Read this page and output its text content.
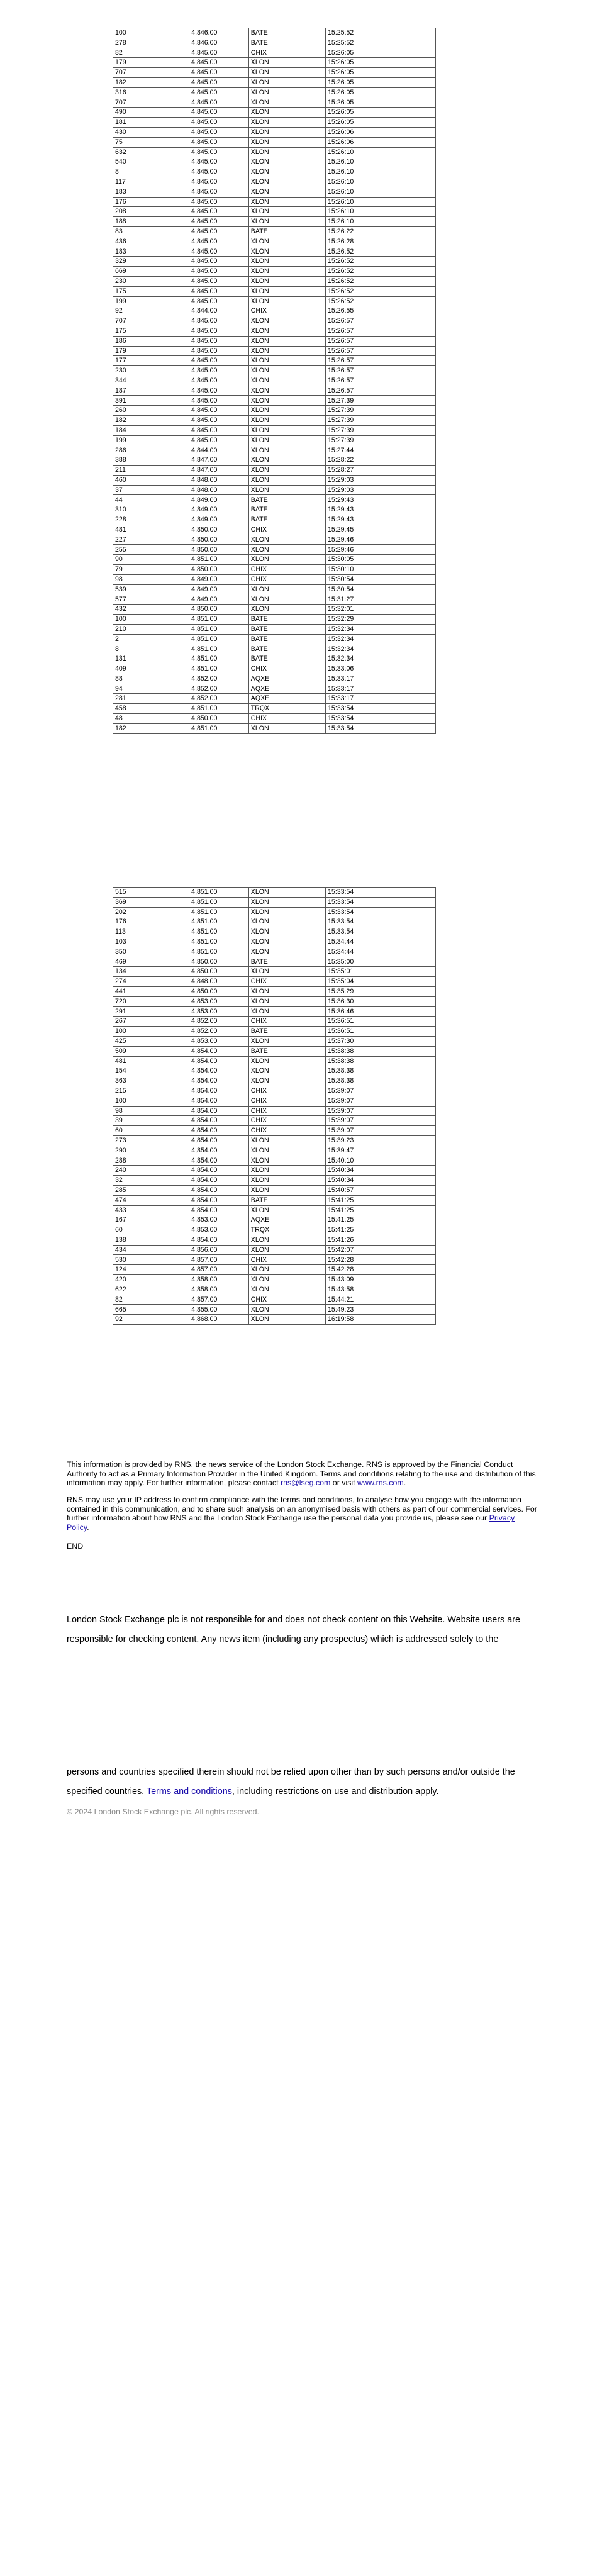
100	4,846.00	BATE	15:25:52
278	4,846.00	BATE	15:25:52
82	4,845.00	CHIX	15:26:05
179	4,845.00	XLON	15:26:05
707	4,845.00	XLON	15:26:05
182	4,845.00	XLON	15:26:05
316	4,845.00	XLON	15:26:05
707	4,845.00	XLON	15:26:05
490	4,845.00	XLON	15:26:05
181	4,845.00	XLON	15:26:05
430	4,845.00	XLON	15:26:06
75	4,845.00	XLON	15:26:06
632	4,845.00	XLON	15:26:10
540	4,845.00	XLON	15:26:10
8	4,845.00	XLON	15:26:10
117	4,845.00	XLON	15:26:10
183	4,845.00	XLON	15:26:10
176	4,845.00	XLON	15:26:10
208	4,845.00	XLON	15:26:10
188	4,845.00	XLON	15:26:10
83	4,845.00	BATE	15:26:22
436	4,845.00	XLON	15:26:28
183	4,845.00	XLON	15:26:52
329	4,845.00	XLON	15:26:52
669	4,845.00	XLON	15:26:52
230	4,845.00	XLON	15:26:52
175	4,845.00	XLON	15:26:52
199	4,845.00	XLON	15:26:52
92	4,844.00	CHIX	15:26:55
707	4,845.00	XLON	15:26:57
175	4,845.00	XLON	15:26:57
186	4,845.00	XLON	15:26:57
179	4,845.00	XLON	15:26:57
177	4,845.00	XLON	15:26:57
230	4,845.00	XLON	15:26:57
344	4,845.00	XLON	15:26:57
187	4,845.00	XLON	15:26:57
391	4,845.00	XLON	15:27:39
260	4,845.00	XLON	15:27:39
182	4,845.00	XLON	15:27:39
184	4,845.00	XLON	15:27:39
199	4,845.00	XLON	15:27:39
286	4,844.00	XLON	15:27:44
388	4,847.00	XLON	15:28:22
211	4,847.00	XLON	15:28:27
460	4,848.00	XLON	15:29:03
37	4,848.00	XLON	15:29:03
44	4,849.00	BATE	15:29:43
310	4,849.00	BATE	15:29:43
228	4,849.00	BATE	15:29:43
481	4,850.00	CHIX	15:29:45
227	4,850.00	XLON	15:29:46
255	4,850.00	XLON	15:29:46
90	4,851.00	XLON	15:30:05
79	4,850.00	CHIX	15:30:10
98	4,849.00	CHIX	15:30:54
539	4,849.00	XLON	15:30:54
577	4,849.00	XLON	15:31:27
432	4,850.00	XLON	15:32:01
100	4,851.00	BATE	15:32:29
210	4,851.00	BATE	15:32:34
2	4,851.00	BATE	15:32:34
8	4,851.00	BATE	15:32:34
131	4,851.00	BATE	15:32:34
409	4,851.00	CHIX	15:33:06
88	4,852.00	AQXE	15:33:17
94	4,852.00	AQXE	15:33:17
281	4,852.00	AQXE	15:33:17
458	4,851.00	TRQX	15:33:54
48	4,850.00	CHIX	15:33:54
182	4,851.00	XLON	15:33:54
515	4,851.00	XLON	15:33:54
369	4,851.00	XLON	15:33:54
202	4,851.00	XLON	15:33:54
176	4,851.00	XLON	15:33:54
113	4,851.00	XLON	15:33:54
103	4,851.00	XLON	15:34:44
350	4,851.00	XLON	15:34:44
469	4,850.00	BATE	15:35:00
134	4,850.00	XLON	15:35:01
274	4,848.00	CHIX	15:35:04
441	4,850.00	XLON	15:35:29
720	4,853.00	XLON	15:36:30
291	4,853.00	XLON	15:36:46
267	4,852.00	CHIX	15:36:51
100	4,852.00	BATE	15:36:51
425	4,853.00	XLON	15:37:30
509	4,854.00	BATE	15:38:38
481	4,854.00	XLON	15:38:38
154	4,854.00	XLON	15:38:38
363	4,854.00	XLON	15:38:38
215	4,854.00	CHIX	15:39:07
100	4,854.00	CHIX	15:39:07
98	4,854.00	CHIX	15:39:07
39	4,854.00	CHIX	15:39:07
60	4,854.00	CHIX	15:39:07
273	4,854.00	XLON	15:39:23
290	4,854.00	XLON	15:39:47
288	4,854.00	XLON	15:40:10
240	4,854.00	XLON	15:40:34
32	4,854.00	XLON	15:40:34
285	4,854.00	XLON	15:40:57
474	4,854.00	BATE	15:41:25
433	4,854.00	XLON	15:41:25
167	4,853.00	AQXE	15:41:25
60	4,853.00	TRQX	15:41:25
138	4,854.00	XLON	15:41:26
434	4,856.00	XLON	15:42:07
530	4,857.00	CHIX	15:42:28
124	4,857.00	XLON	15:42:28
420	4,858.00	XLON	15:43:09
622	4,858.00	XLON	15:43:58
82	4,857.00	CHIX	15:44:21
665	4,855.00	XLON	15:49:23
92	4,868.00	XLON	16:19:58

This information is provided by RNS, the news service of the London Stock Exchange. RNS is approved by the Financial Conduct Authority to act as a Primary Information Provider in the United Kingdom. Terms and conditions relating to the use and distribution of this information may apply. For further information, please contact rns@lseg.com or visit www.rns.com.

RNS may use your IP address to confirm compliance with the terms and conditions, to analyse how you engage with the information contained in this communication, and to share such analysis on an anonymised basis with others as part of our commercial services. For further information about how RNS and the London Stock Exchange use the personal data you provide us, please see our Privacy Policy.

END
London Stock Exchange plc is not responsible for and does not check content on this Website. Website users are responsible for checking content. Any news item (including any prospectus) which is addressed solely to the
persons and countries specified therein should not be relied upon other than by such persons and/or outside the specified countries. Terms and conditions, including restrictions on use and distribution apply.
© 2024 London Stock Exchange plc. All rights reserved.
